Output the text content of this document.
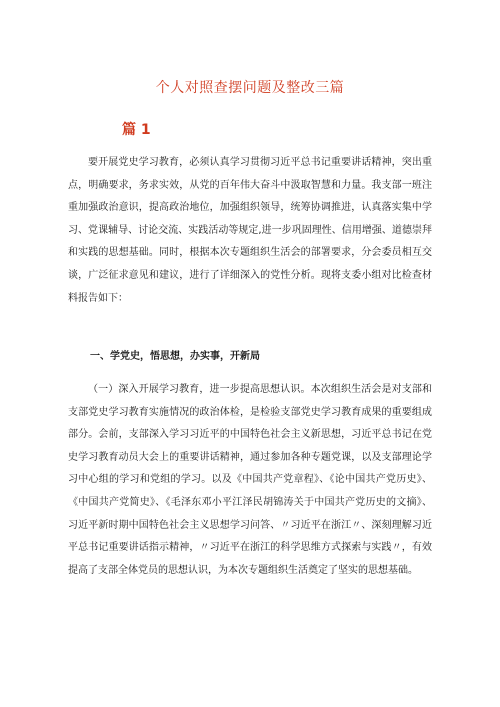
个人对照查摆问题及整改三篇
篇 1

要开展党史学习教育，必须认真学习贯彻习近平总书记重要讲话精神，突出重点，明确要求，务求实效，从党的百年伟大奋斗中汲取智慧和力量。我支部一班注重加强政治意识，提高政治地位，加强组织领导，统筹协调推进，认真落实集中学习、党课辅导、讨论交流、实践活动等规定,进一步巩固理性、信用增强、道德崇拜和实践的思想基础。同时，根据本次专题组织生活会的部署要求，分会委员相互交谈，广泛征求意见和建议，进行了详细深入的党性分析。现将支委小组对比检查材料报告如下：

一、学党史，悟思想，办实事，开新局

（一）深入开展学习教育，进一步提高思想认识。本次组织生活会是对支部和支部党史学习教育实施情况的政治体检，是检验支部党史学习教育成果的重要组成部分。会前，支部深入学习习近平的中国特色社会主义新思想，习近平总书记在党史学习教育动员大会上的重要讲话精神，通过参加各种专题党课，以及支部理论学习中心组的学习和党组的学习。以及《中国共产党章程》、《论中国共产党历史》、《中国共产党简史》、《毛泽东邓小平江泽民胡锦涛关于中国共产党历史的文摘》、习近平新时期中国特色社会主义思想学习问答、〃习近平在浙江〃、深刻理解习近平总书记重要讲话指示精神，〃习近平在浙江的科学思维方式探索与实践〃，有效提高了支部全体党员的思想认识，为本次专题组织生活奠定了坚实的思想基础。
